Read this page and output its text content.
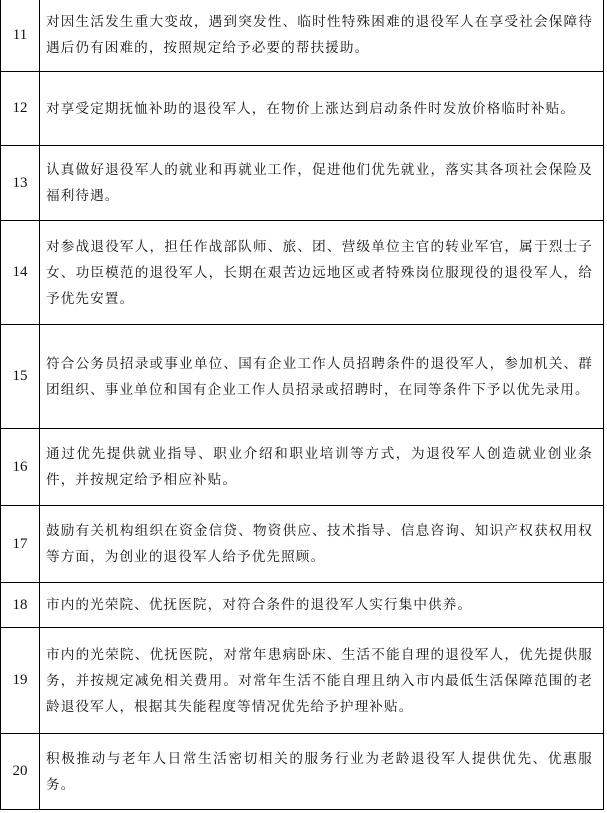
11	对因生活发生重大变故，遇到突发性、临时性特殊困难的退役军人在享受社会保障待遇后仍有困难的，按照规定给予必要的帮扶援助。
12	对享受定期抚恤补助的退役军人，在物价上涨达到启动条件时发放价格临时补贴。
13	认真做好退役军人的就业和再就业工作，促进他们优先就业，落实其各项社会保险及福利待遇。
14	对参战退役军人，担任作战部队师、旅、团、营级单位主官的转业军官，属于烈士子女、功臣模范的退役军人，长期在艰苦边远地区或者特殊岗位服现役的退役军人，给予优先安置。
15	符合公务员招录或事业单位、国有企业工作人员招聘条件的退役军人，参加机关、群团组织、事业单位和国有企业工作人员招录或招聘时，在同等条件下予以优先录用。
16	通过优先提供就业指导、职业介绍和职业培训等方式，为退役军人创造就业创业条件，并按规定给予相应补贴。
17	鼓励有关机构组织在资金信贷、物资供应、技术指导、信息咨询、知识产权获权用权等方面，为创业的退役军人给予优先照顾。
18	市内的光荣院、优抚医院，对符合条件的退役军人实行集中供养。
19	市内的光荣院、优抚医院，对常年患病卧床、生活不能自理的退役军人，优先提供服务，并按规定减免相关费用。对常年生活不能自理且纳入市内最低生活保障范围的老龄退役军人，根据其失能程度等情况优先给予护理补贴。
20	积极推动与老年人日常生活密切相关的服务行业为老龄退役军人提供优先、优惠服务。
